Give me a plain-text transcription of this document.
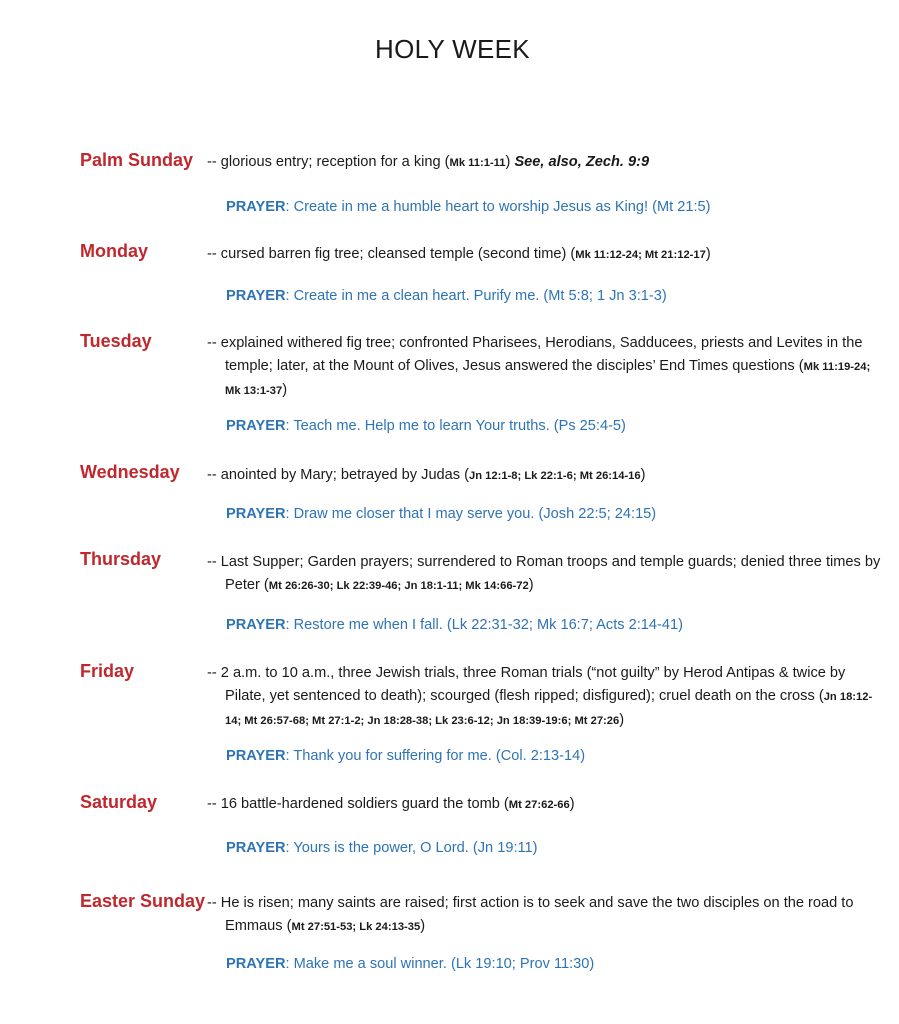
HOLY WEEK
Palm Sunday -- glorious entry; reception for a king (Mk 11:1-11) See, also, Zech. 9:9
PRAYER: Create in me a humble heart to worship Jesus as King! (Mt 21:5)
Monday	-- cursed barren fig tree; cleansed temple (second time) (Mk 11:12-24; Mt 21:12-17)
PRAYER: Create in me a clean heart. Purify me. (Mt 5:8; 1 Jn 3:1-3)
Tuesday	-- explained withered fig tree; confronted Pharisees, Herodians, Sadducees, priests and Levites in the temple; later, at the Mount of Olives, Jesus answered the disciples’ End Times questions (Mk 11:19-24; Mk 13:1-37)
PRAYER: Teach me. Help me to learn Your truths. (Ps 25:4-5)
Wednesday -- anointed by Mary; betrayed by Judas (Jn 12:1-8; Lk 22:1-6; Mt 26:14-16)
PRAYER: Draw me closer that I may serve you. (Josh 22:5; 24:15)
Thursday	-- Last Supper; Garden prayers; surrendered to Roman troops and temple guards; denied three times by Peter (Mt 26:26-30; Lk 22:39-46; Jn 18:1-11; Mk 14:66-72)
PRAYER: Restore me when I fall. (Lk 22:31-32; Mk 16:7; Acts 2:14-41)
Friday	-- 2 a.m. to 10 a.m., three Jewish trials, three Roman trials (“not guilty” by Herod Antipas & twice by Pilate, yet sentenced to death); scourged (flesh ripped; disfigured); cruel death on the cross (Jn 18:12-14; Mt 26:57-68; Mt 27:1-2; Jn 18:28-38; Lk 23:6-12; Jn 18:39-19:6; Mt 27:26)
PRAYER: Thank you for suffering for me. (Col. 2:13-14)
Saturday	-- 16 battle-hardened soldiers guard the tomb (Mt 27:62-66)
PRAYER: Yours is the power, O Lord. (Jn 19:11)
Easter Sunday -- He is risen; many saints are raised; first action is to seek and save the two disciples on the road to Emmaus (Mt 27:51-53; Lk 24:13-35)
PRAYER: Make me a soul winner. (Lk 19:10; Prov 11:30)
